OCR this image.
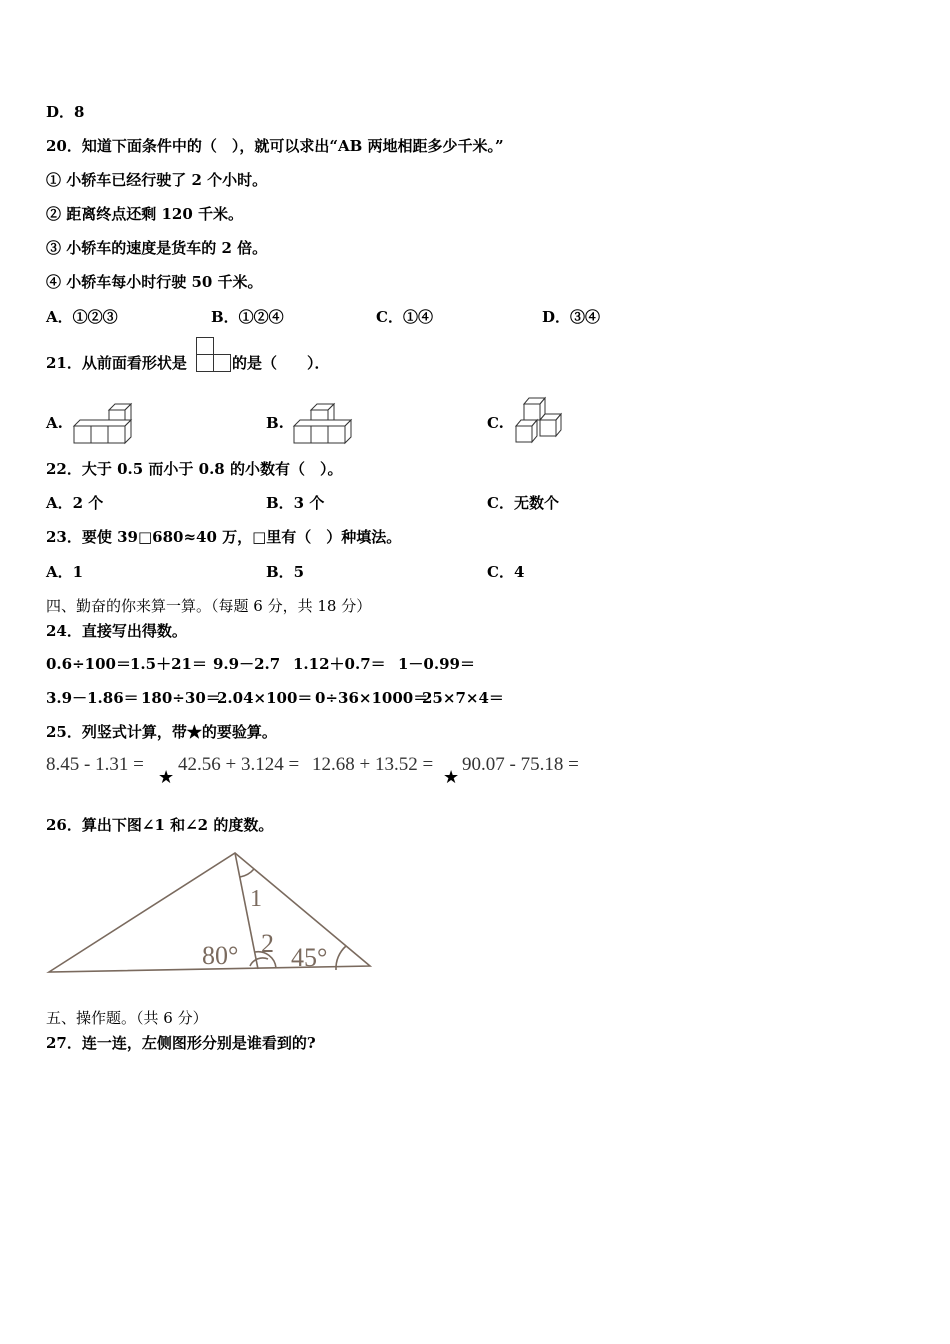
D．8
20．知道下面条件中的（　），就可以求出“AB 两地相距多少千米。”
① 小轿车已经行驶了 2 个小时。
② 距离终点还剩 120 千米。
③ 小轿车的速度是货车的 2 倍。
④ 小轿车每小时行驶 50 千米。
A．①②③	B．①②④	C．①④	D．③④
21．从前面看形状是	的是（　　）．
A.	B.	C.
22．大于 0.5 而小于 0.8 的小数有（　）。
A．2 个	B．3 个	C．无数个
23．要使 39□680≈40 万，□里有（　）种填法。
A．1	B．5	C．4
四、勤奋的你来算一算。（每题 6 分，共 18 分）
24．直接写出得数。
0.6÷100＝ 1.5＋21＝ 9.9－2.7 1.12＋0.7＝ 1－0.99＝
3.9－1.86＝ 180÷30＝
2.04×100＝ 0÷36×1000＝
25×7×4＝
25．列竖式计算，带★的要验算。
8.45 - 1.31 =
★
42.56 + 3.124 = 12.68 + 13.52 =
★
90.07 - 75.18 =
26．算出下图∠1 和∠2 的度数。
1
2
80° 45°
五、操作题。（共 6 分）
27．连一连，左侧图形分别是谁看到的?
